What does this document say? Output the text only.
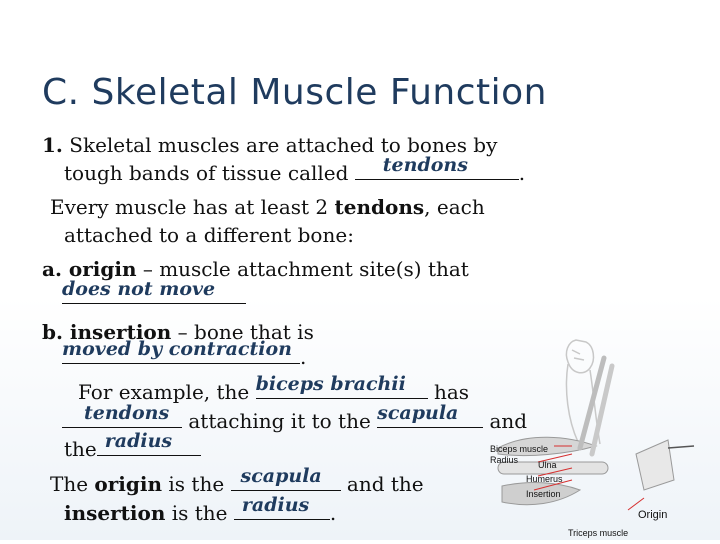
C. Skeletal Muscle Function
1. Skeletal muscles are attached to bones by
tough bands of tissue called tendons	.
Every muscle has at least 2 tendons, each
attached to a different bone:
a. origin – muscle attachment site(s) that
does not move
b. insertion – bone that is
moved by contraction .
For example, the biceps brachii has
tendons attaching it to the scapula and
the radius
The origin is the scapula and the
insertion is the radius .
Biceps muscle
Radius Ulna
Humerus
Insertion
Origin
Triceps muscle
